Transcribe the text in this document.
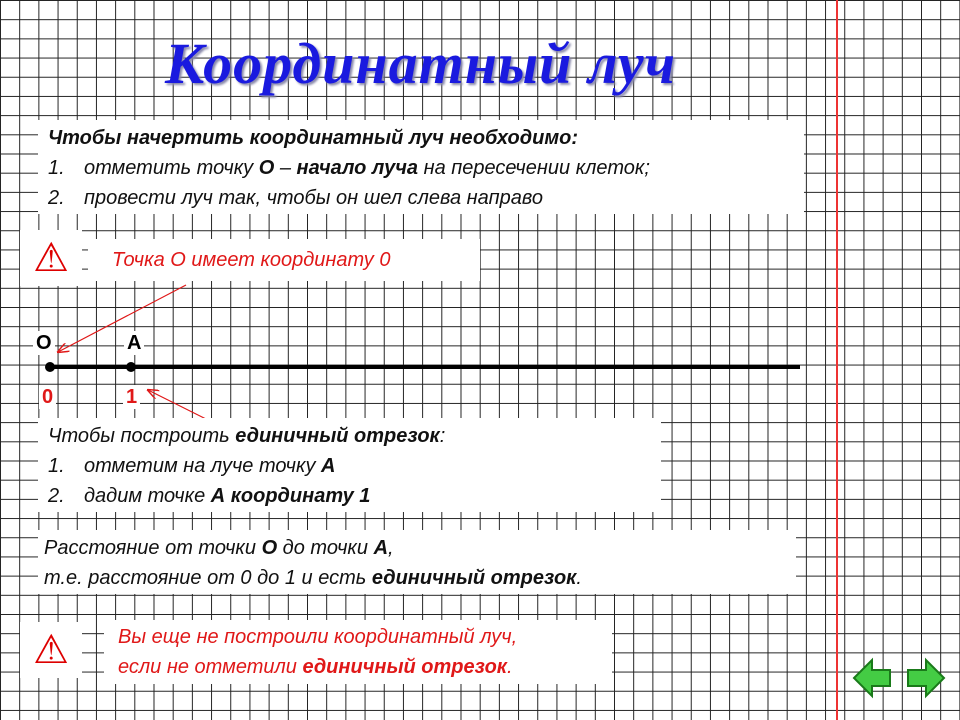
Координатный луч
Чтобы начертить координатный луч необходимо:
1. отметить точку О – начало луча на пересечении клеток;
2. провести луч так, чтобы он шел слева направо
⚠	Точка О имеет координату 0
О	А
0	1
Чтобы построить единичный отрезок:
1. отметим на луче точку А
2. дадим точке А координату 1
Расстояние от точки О до точки А,
т.е. расстояние от 0 до 1 и есть единичный отрезок.
⚠ Вы еще не построили координатный луч,
если не отметили единичный отрезок.
